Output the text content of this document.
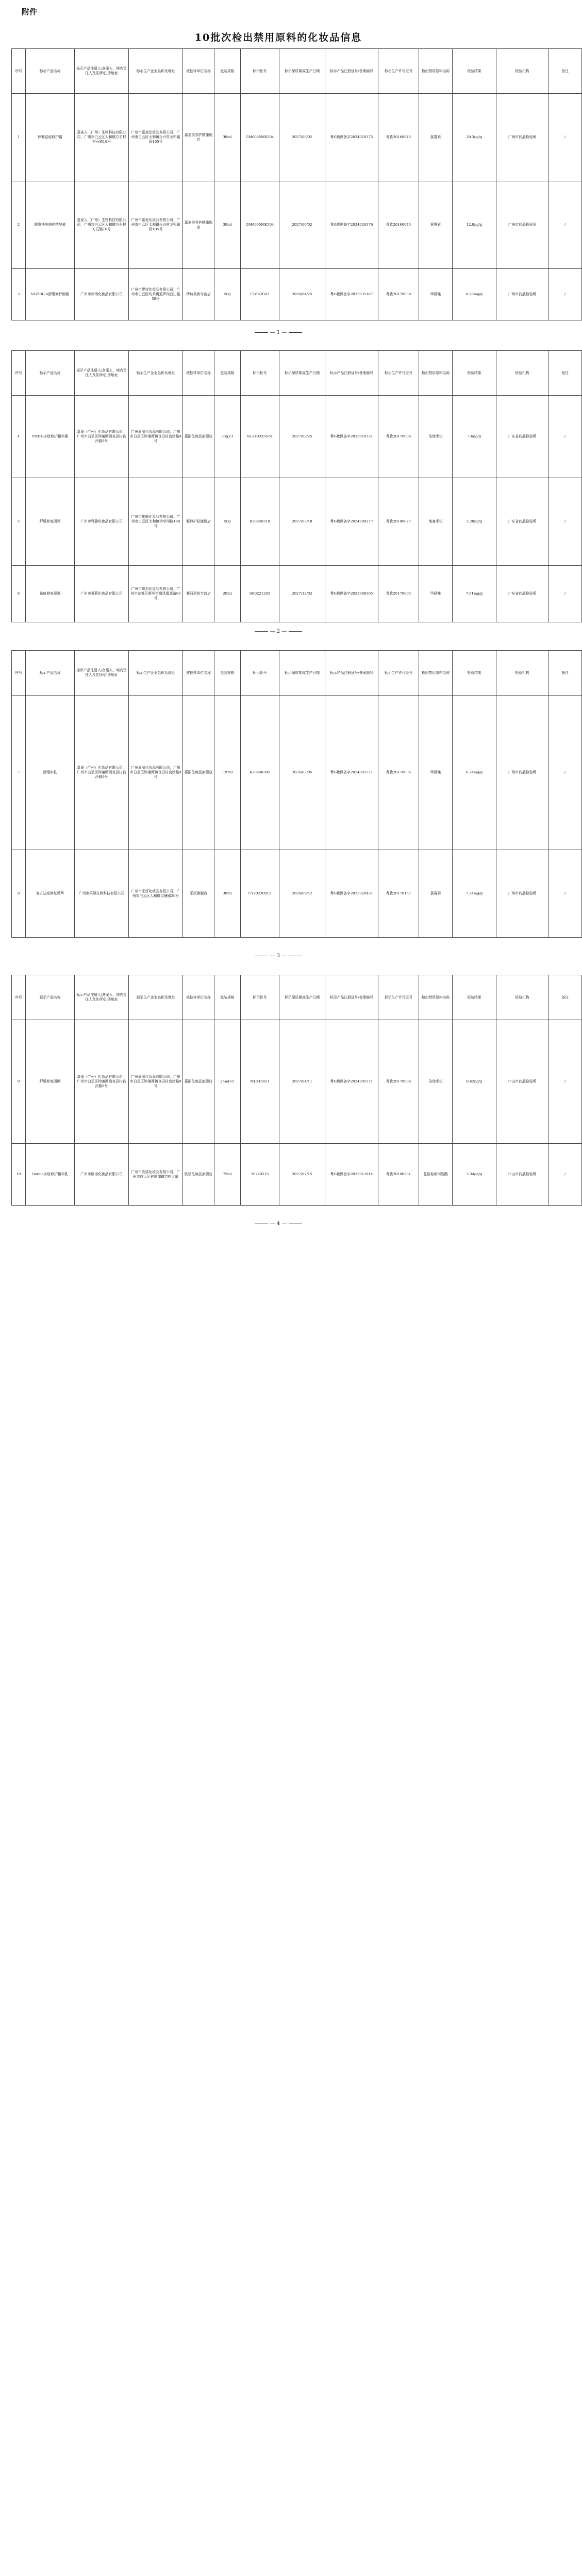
附件
10批次检出禁用原料的化妆品信息
序号	标示产品名称	标示产品注册人/备案人、境内责任人及住所/注册地址	标示生产企业名称及地址	被抽样单位名称	包装规格	标示批号	标示保质期或生产日期	标示产品注册证号/备案编号	标示生产许可证号	检出禁用原料名称	检验结果	检验机构	备注
1	韩雅祛痘修护霜	嘉麦人（广州）生物科技有限公司，广州市白云区人和镇方石村方石路10号	广州市嘉麦化妆品有限公司，广州市白云区太和镇永兴村龙归路段105号	嘉麦美容护肤旗舰店	30ml	GM6095MK504	2027/06/02	粤G妆网备字2024029375	粤妆20160045	氯霉素	29.3μg/g	广州市药品检验所	/
2	韩雅祛痘修护精华液	嘉麦人（广州）生物科技有限公司，广州市白云区人和镇方石村方石路10号	广州市嘉麦化妆品有限公司，广州市白云区太和镇永兴村龙归路段105号	嘉麦美容护肤旗舰店	30ml	GM6095MK504	2027/06/02	粤G妆网备字2024029376	粤妆20160045	氯霉素	12.8μg/g	广州市药品检验所	/
3	VAZERLA舒缓修护面霜	广州市伊诗化妆品有限公司	广州市伊诗化妆品有限公司，广州市白云区均禾街道罗岗白山路58号	伊诗美妆专营店	50g	C18A2G03	2026/04/25	粤G妆网备字2023035167	粤妆20170039	甲硝唑	6.20mg/g	广州市药品检验所	/
— 1 —
序号	标示产品名称	标示产品注册人/备案人、境内责任人及住所/注册地址	标示生产企业名称及地址	被抽样单位名称	包装规格	标示批号	标示保质期或生产日期	标示产品注册证号/备案编号	标示生产许可证号	检出禁用原料名称	检验结果	检验机构	备注
4	YMDH多肽修护精华霜	嘉丽（广州）化妆品有限公司，广州市白云区钟落潭镇良田村良沙路9号	广州嘉丽化妆品有限公司，广州市白云区钟落潭镇良田村良沙路9号	嘉丽化妆品旗舰店	30g×3	NL240325G01	2027/03/25	粤G妆网备字2023010331	粤妆20170006	倍他米松	7.6μg/g	广东省药品检验所	/
5	舒缓修复面霜	广州市雅静化妆品有限公司	广州市雅静化妆品有限公司，广州市白云区太和镇沙亭岗路168号	雅静护肤旗舰店	50g	B20240318	2027/03/18	粤G妆网备字2024009277	粤妆20180077	地塞米松	2.20μg/g	广东省药品检验所	/
6	祛痘修复凝露	广州市赛莉化妆品有限公司	广州市赛莉化妆品有限公司，广州市花都区新华街道凤凰北路63号	赛莉美妆专营店	20ml	SR0221203	2027/12/02	粤G妆网备字2023008305	粤妆20170005	甲硝唑	7.61mg/g	广东省药品检验所	/
— 2 —
序号	标示产品名称	标示产品注册人/备案人、境内责任人及住所/注册地址	标示生产企业名称及地址	被抽样单位名称	包装规格	标示批号	标示保质期或生产日期	标示产品注册证号/备案编号	标示生产许可证号	检出禁用原料名称	检验结果	检验机构	备注
7	舒缓水乳	嘉丽（广州）化妆品有限公司，广州市白云区钟落潭镇良田村良沙路9号	广州嘉丽化妆品有限公司，广州市白云区钟落潭镇良田村良沙路9号	嘉丽化妆品旗舰店	120ml	K20240305	2026/03/05	粤G妆网备字2024002571	粤妆20170006	甲硝唑	6.74mg/g	广州市药品检验所	/
8	复方祛痘修复精华	广州市采妍生物科技有限公司	广州市采妍化妆品有限公司，广州市白云区人和镇汉塘路20号	采妍旗舰店	30ml	CY20230912	2026/09/12	粤G妆网备字2023020431	粤妆20170157	氯霉素	7.24mg/g	广州市药品检验所	/
— 3 —
序号	标示产品名称	标示产品注册人/备案人、境内责任人及住所/注册地址	标示生产企业名称及地址	被抽样单位名称	包装规格	标示批号	标示保质期或生产日期	标示产品注册证号/备案编号	标示生产许可证号	检出禁用原料名称	检验结果	检验机构	备注
9	舒缓修复面膜	嘉丽（广州）化妆品有限公司，广州市白云区钟落潭镇良田村良沙路9号	广州嘉丽化妆品有限公司，广州市白云区钟落潭镇良田村良沙路9号	嘉丽化妆品旗舰店	25ml×5	ML240411	2027/04/11	粤G妆网备字2024005371	粤妆20170006	倍他米松	8.62μg/g	中山市药品检验所	/
10	Ounuo多肽修护精华乳	广州市欧诺化妆品有限公司	广州市欧诺化妆品有限公司，广州市白云区钟落潭镇竹料大道	欧诺化妆品旗舰店	75ml	20240215	2027/02/15	粤G妆网备字2023012914	粤妆20190231	氯倍他索丙酸酯	3.34μg/g	中山市药品检验所	/
— 4 —
